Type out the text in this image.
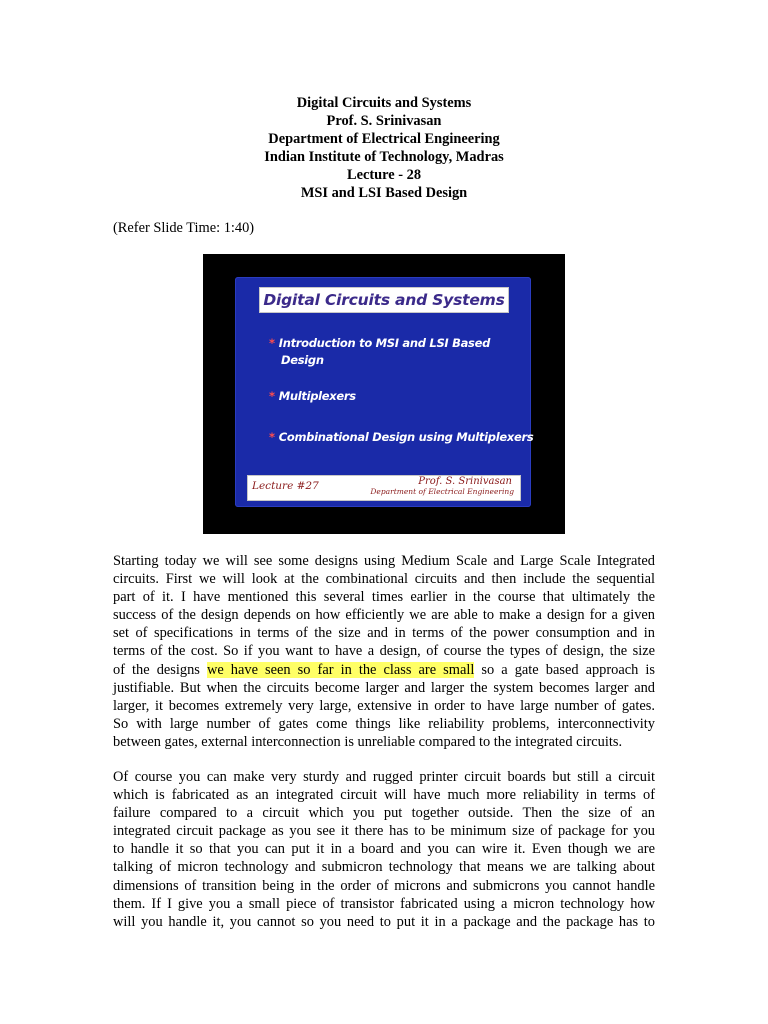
Digital Circuits and Systems
Prof. S. Srinivasan
Department of Electrical Engineering
Indian Institute of Technology, Madras
Lecture - 28
MSI and LSI Based Design
(Refer Slide Time: 1:40)
Digital Circuits and Systems
* Introduction to MSI and LSI Based
Design
* Multiplexers
* Combinational Design using Multiplexers
Lecture #27	Prof. S. Srinivasan
Department of Electrical Engineering
Starting today we will see some designs using Medium Scale and Large Scale Integrated
circuits. First we will look at the combinational circuits and then include the sequential
part of it. I have mentioned this several times earlier in the course that ultimately the
success of the design depends on how efficiently we are able to make a design for a given
set of specifications in terms of the size and in terms of the power consumption and in
terms of the cost. So if you want to have a design, of course the types of design, the size
of the designs we have seen so far in the class are small so a gate based approach is
justifiable. But when the circuits become larger and larger the system becomes larger and
larger, it becomes extremely very large, extensive in order to have large number of gates.
So with large number of gates come things like reliability problems, interconnectivity
between gates, external interconnection is unreliable compared to the integrated circuits.
Of course you can make very sturdy and rugged printer circuit boards but still a circuit
which is fabricated as an integrated circuit will have much more reliability in terms of
failure compared to a circuit which you put together outside. Then the size of an
integrated circuit package as you see it there has to be minimum size of package for you
to handle it so that you can put it in a board and you can wire it. Even though we are
talking of micron technology and submicron technology that means we are talking about
dimensions of transition being in the order of microns and submicrons you cannot handle
them. If I give you a small piece of transistor fabricated using a micron technology how
will you handle it, you cannot so you need to put it in a package and the package has to
